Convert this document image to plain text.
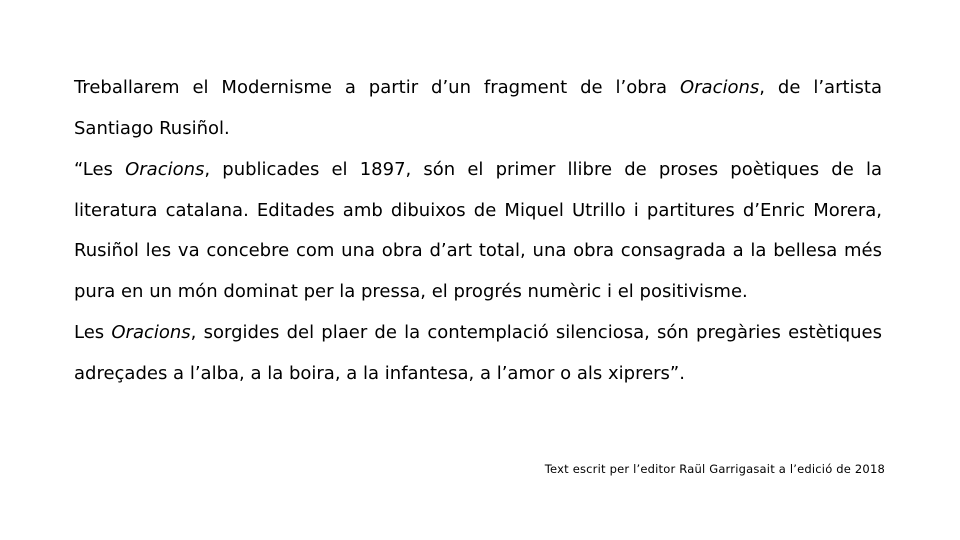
Treballarem el Modernisme a partir d’un fragment de l’obra Oracions, de l’artista Santiago Rusiñol.

“Les Oracions, publicades el 1897, són el primer llibre de proses poètiques de la literatura catalana. Editades amb dibuixos de Miquel Utrillo i partitures d’Enric Morera, Rusiñol les va concebre com una obra d’art total, una obra consagrada a la bellesa més pura en un món dominat per la pressa, el progrés numèric i el positivisme.

Les Oracions, sorgides del plaer de la contemplació silenciosa, són pregàries estètiques adreçades a l’alba, a la boira, a la infantesa, a l’amor o als xiprers”.

Text escrit per l’editor Raül Garrigasait a l’edició de 2018
